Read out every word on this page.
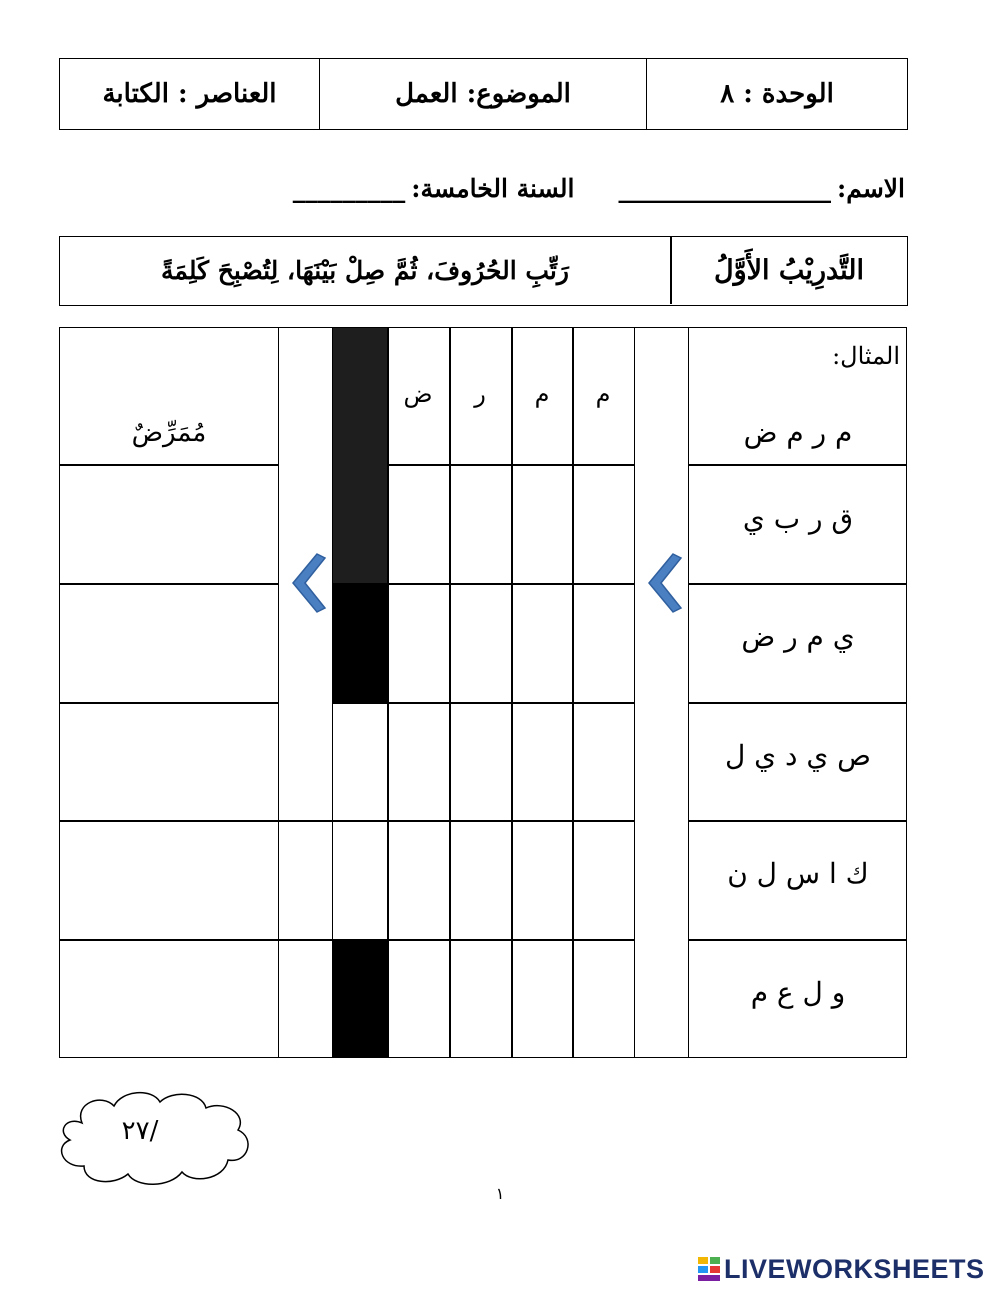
الوحدة : ٨
الموضوع: العمل
العناصر : الكتابة
الاسم:
_________________
السنة الخامسة:
_________
التَّدرِيْبُ الأَوَّلُ
رَتِّبِ الحُرُوفَ، ثُمَّ صِلْ بَيْنَهَا، لِتُصْبِحَ كَلِمَةً
المثال:
م ر م ض
م
م
ر
ض
مُمَرِّضٌ
ق ر ب ي
ي م ر ض
ص ي د ي ل
ك ا س ل ن
و ل ع م
/٢٧
١
LIVEWORKSHEETS
